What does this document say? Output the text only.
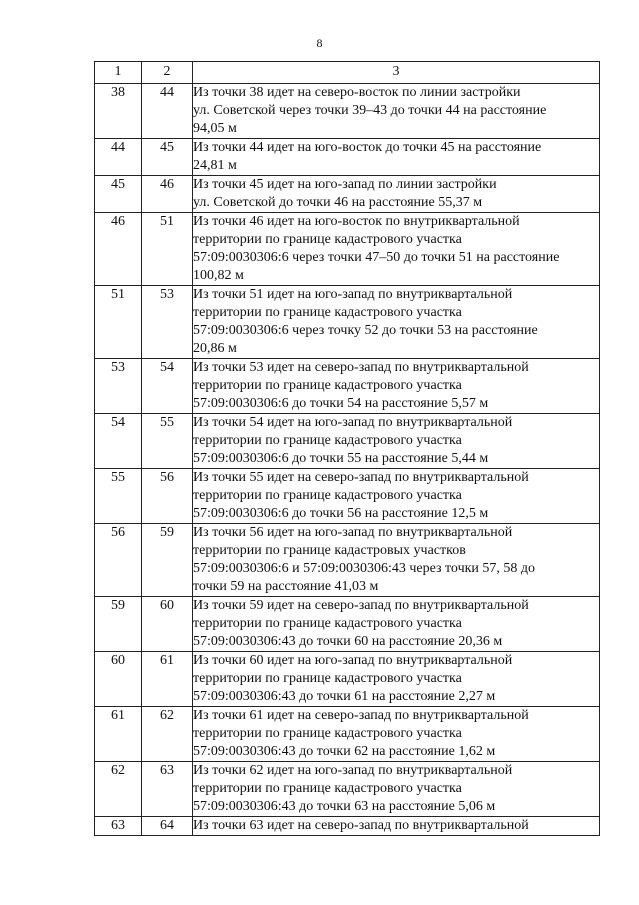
8
1	2	3
38	44	Из точки 38 идет на северо-восток по линии застройки
ул. Советской через точки 39–43 до точки 44 на расстояние
94,05 м

44	45	Из точки 44 идет на юго-восток до точки 45 на расстояние
24,81 м

45	46	Из точки 45 идет на юго-запад по линии застройки
ул. Советской до точки 46 на расстояние 55,37 м

46	51	Из точки 46 идет на юго-восток по внутриквартальной
территории по границе кадастрового участка
57:09:0030306:6 через точки 47–50 до точки 51 на расстояние
100,82 м

51	53	Из точки 51 идет на юго-запад по внутриквартальной
территории по границе кадастрового участка
57:09:0030306:6 через точку 52 до точки 53 на расстояние
20,86 м

53	54	Из точки 53 идет на северо-запад по внутриквартальной
территории по границе кадастрового участка
57:09:0030306:6 до точки 54 на расстояние 5,57 м

54	55	Из точки 54 идет на юго-запад по внутриквартальной
территории по границе кадастрового участка
57:09:0030306:6 до точки 55 на расстояние 5,44 м

55	56	Из точки 55 идет на северо-запад по внутриквартальной
территории по границе кадастрового участка
57:09:0030306:6 до точки 56 на расстояние 12,5 м

56	59	Из точки 56 идет на юго-запад по внутриквартальной
территории по границе кадастровых участков
57:09:0030306:6 и 57:09:0030306:43 через точки 57, 58 до
точки 59 на расстояние 41,03 м

59	60	Из точки 59 идет на северо-запад по внутриквартальной
территории по границе кадастрового участка
57:09:0030306:43 до точки 60 на расстояние 20,36 м

60	61	Из точки 60 идет на юго-запад по внутриквартальной
территории по границе кадастрового участка
57:09:0030306:43 до точки 61 на расстояние 2,27 м

61	62	Из точки 61 идет на северо-запад по внутриквартальной
территории по границе кадастрового участка
57:09:0030306:43 до точки 62 на расстояние 1,62 м

62	63	Из точки 62 идет на юго-запад по внутриквартальной
территории по границе кадастрового участка
57:09:0030306:43 до точки 63 на расстояние 5,06 м

63	64	Из точки 63 идет на северо-запад по внутриквартальной
